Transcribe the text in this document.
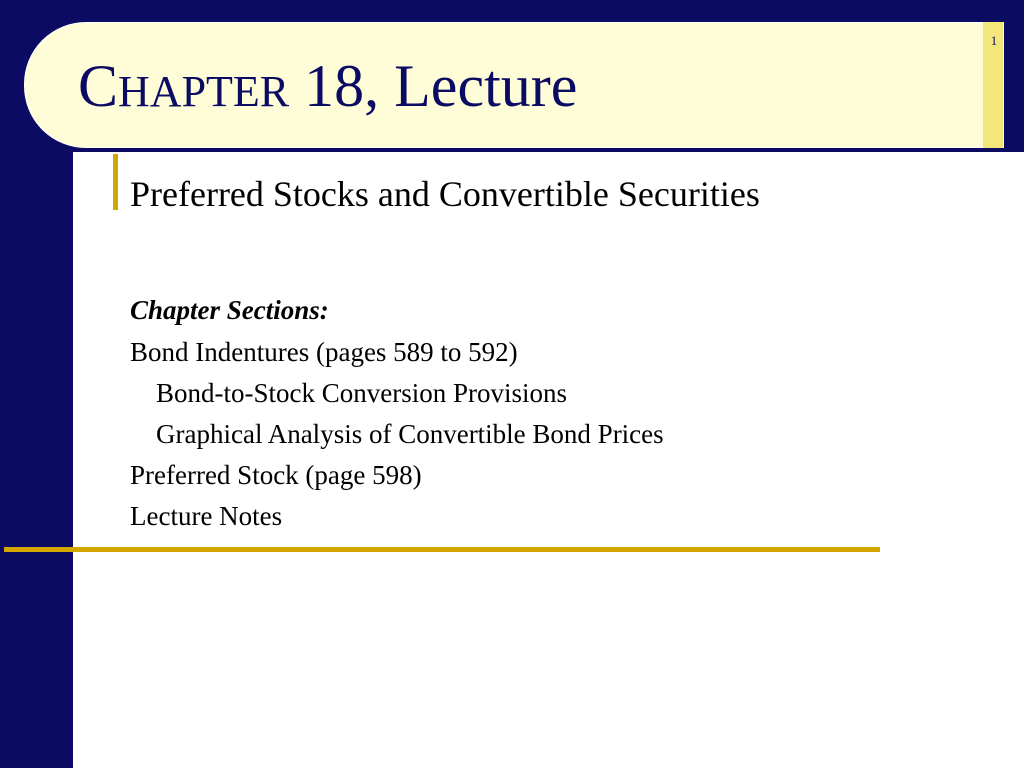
CHAPTER 18, Lecture
1

Preferred Stocks and Convertible Securities

Chapter Sections:
Bond Indentures (pages 589 to 592)
Bond-to-Stock Conversion Provisions
Graphical Analysis of Convertible Bond Prices
Preferred Stock (page 598)
Lecture Notes
